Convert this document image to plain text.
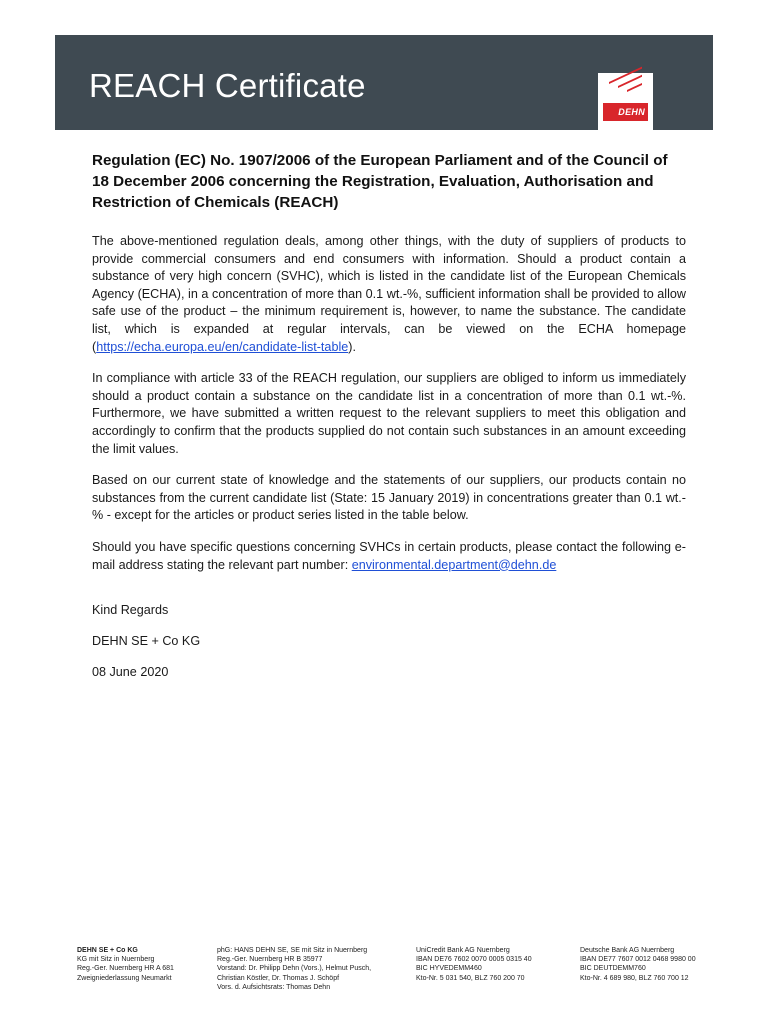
REACH Certificate
DEHN

Regulation (EC) No. 1907/2006 of the European Parliament and of the Council of 18 December 2006 concerning the Registration, Evaluation, Authorisation and Restriction of Chemicals (REACH)

The above-mentioned regulation deals, among other things, with the duty of suppliers of products to provide commercial consumers and end consumers with information. Should a product contain a substance of very high concern (SVHC), which is listed in the candidate list of the European Chemicals Agency (ECHA), in a concentration of more than 0.1 wt.-%, sufficient information shall be provided to allow safe use of the product – the minimum requirement is, however, to name the substance. The candidate list, which is expanded at regular intervals, can be viewed on the ECHA homepage (https://echa.europa.eu/en/candidate-list-table).

In compliance with article 33 of the REACH regulation, our suppliers are obliged to inform us immediately should a product contain a substance on the candidate list in a concentration of more than 0.1 wt.-%. Furthermore, we have submitted a written request to the relevant suppliers to meet this obligation and accordingly to confirm that the products supplied do not contain such substances in an amount exceeding the limit values.

Based on our current state of knowledge and the statements of our suppliers, our products contain no substances from the current candidate list (State: 15 January 2019) in concentrations greater than 0.1 wt.-% - except for the articles or product series listed in the table below.

Should you have specific questions concerning SVHCs in certain products, please contact the following e-mail address stating the relevant part number: environmental.department@dehn.de

Kind Regards
DEHN SE + Co KG
08 June 2020
DEHN SE + Co KG
KG mit Sitz in Nuernberg
Reg.-Ger. Nuernberg HR A 681
Zweigniederlassung Neumarkt
phG: HANS DEHN SE, SE mit Sitz in Nuernberg
Reg.-Ger. Nuernberg HR B 35977
Vorstand: Dr. Philipp Dehn (Vors.), Helmut Pusch,
Christian Köstler, Dr. Thomas J. Schöpf
Vors. d. Aufsichtsrats: Thomas Dehn
UniCredit Bank AG Nuernberg
IBAN DE76 7602 0070 0005 0315 40
BIC HYVEDEMM460
Kto-Nr. 5 031 540, BLZ 760 200 70
Deutsche Bank AG Nuernberg
IBAN DE77 7607 0012 0468 9980 00
BIC DEUTDEMM760
Kto-Nr. 4 689 980, BLZ 760 700 12
